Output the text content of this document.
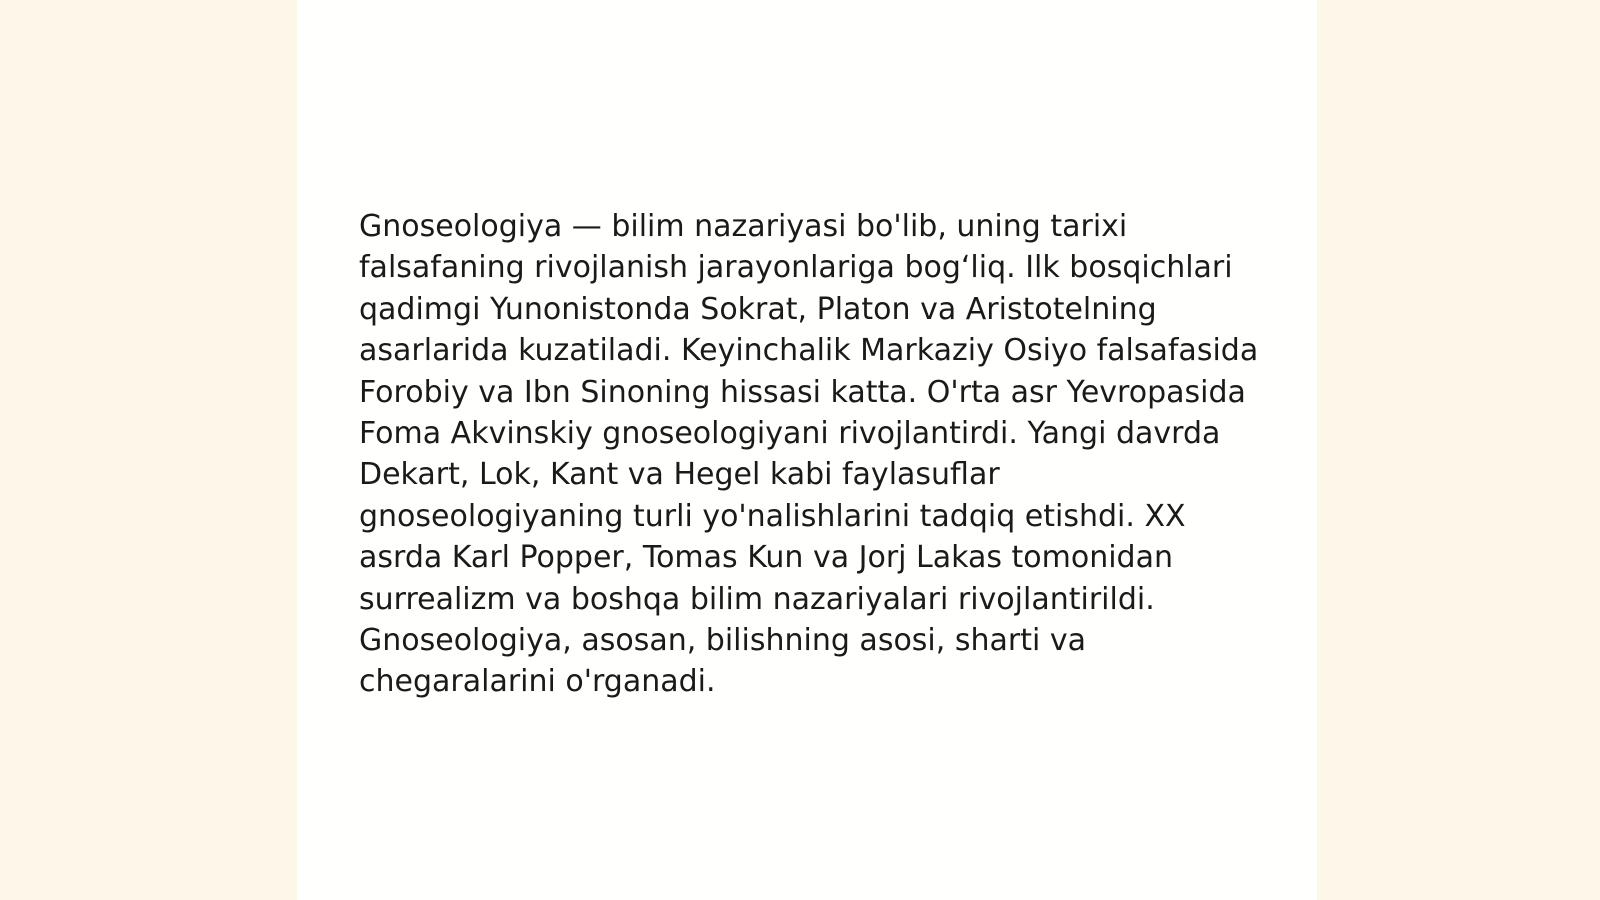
Gnoseologiya — bilim nazariyasi bo'lib, uning tarixi falsafaning rivojlanish jarayonlariga bog‘liq. Ilk bosqichlari qadimgi Yunonistonda Sokrat, Platon va Aristotelning asarlarida kuzatiladi. Keyinchalik Markaziy Osiyo falsafasida Forobiy va Ibn Sinoning hissasi katta. O'rta asr Yevropasida Foma Akvinskiy gnoseologiyani rivojlantirdi. Yangi davrda Dekart, Lok, Kant va Hegel kabi faylasuflar gnoseologiyaning turli yo'nalishlarini tadqiq etishdi. XX asrda Karl Popper, Tomas Kun va Jorj Lakas tomonidan surrealizm va boshqa bilim nazariyalari rivojlantirildi. Gnoseologiya, asosan, bilishning asosi, sharti va chegaralarini o'rganadi.
